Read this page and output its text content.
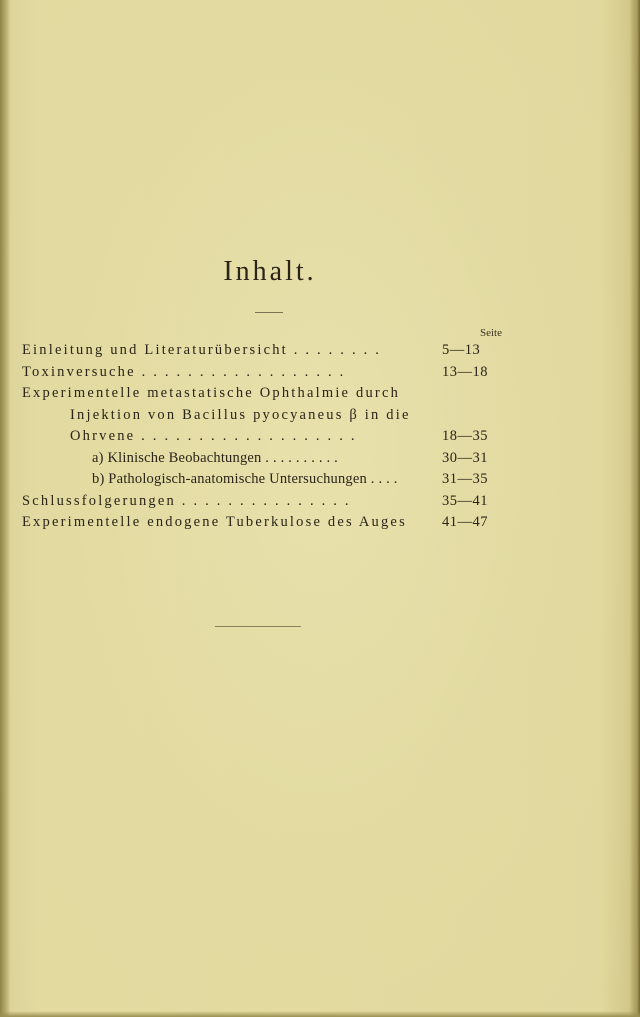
Inhalt.
Seite
Einleitung und Literaturübersicht . . . . . . . .	5—13
Toxinversuche . . . . . . . . . . . . . . . . . .	13—18
Experimentelle metastatische Ophthalmie durch
Injektion von Bacillus pyocyaneus β in die
Ohrvene . . . . . . . . . . . . . . . . . . .	18—35
a) Klinische Beobachtungen . . . . . . . . . .	30—31
b) Pathologisch-anatomische Untersuchungen . . . .	31—35
Schlussfolgerungen . . . . . . . . . . . . . . .	35—41
Experimentelle endogene Tuberkulose des Auges 41—47
